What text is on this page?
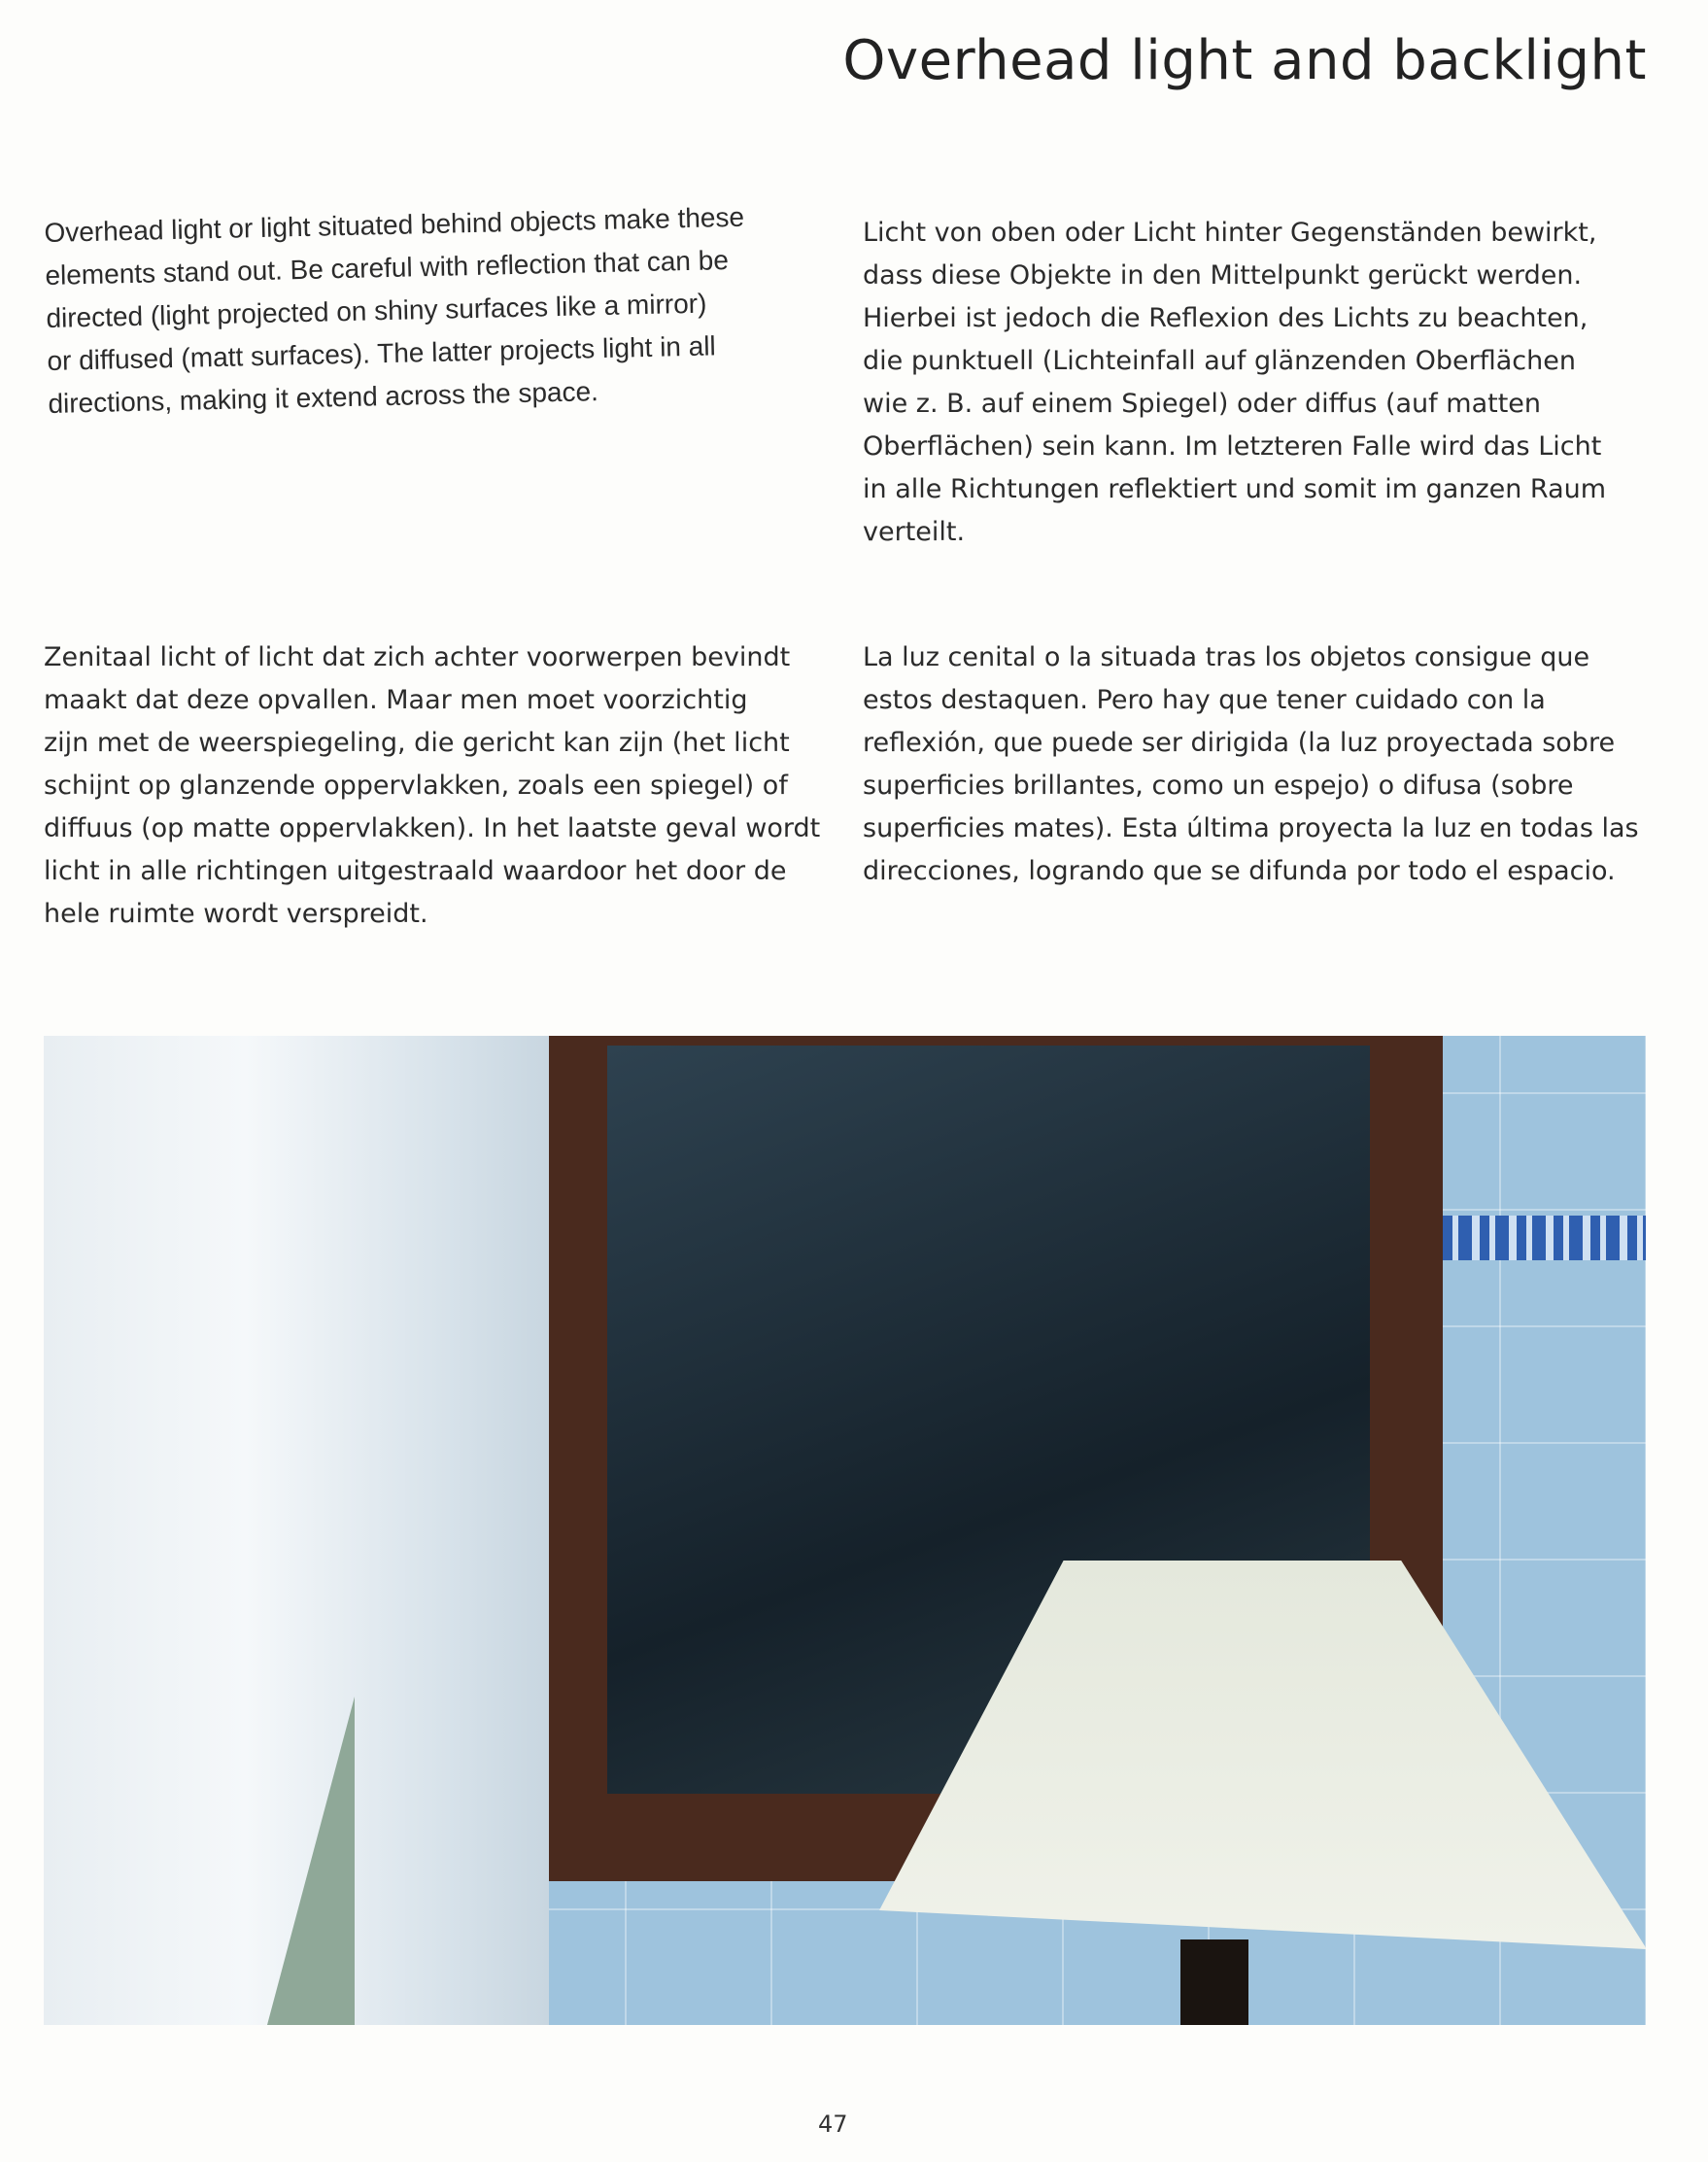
Overhead light and backlight
Overhead light or light situated behind objects make these
elements stand out. Be careful with reflection that can be
directed (light projected on shiny surfaces like a mirror)
or diffused (matt surfaces). The latter projects light in all
directions, making it extend across the space.
Licht von oben oder Licht hinter Gegenständen bewirkt,
dass diese Objekte in den Mittelpunkt gerückt werden.
Hierbei ist jedoch die Reflexion des Lichts zu beachten,
die punktuell (Lichteinfall auf glänzenden Oberflächen
wie z. B. auf einem Spiegel) oder diffus (auf matten
Oberflächen) sein kann. Im letzteren Falle wird das Licht
in alle Richtungen reflektiert und somit im ganzen Raum
verteilt.
Zenitaal licht of licht dat zich achter voorwerpen bevindt
maakt dat deze opvallen. Maar men moet voorzichtig
zijn met de weerspiegeling, die gericht kan zijn (het licht
schijnt op glanzende oppervlakken, zoals een spiegel) of
diffuus (op matte oppervlakken). In het laatste geval wordt
licht in alle richtingen uitgestraald waardoor het door de
hele ruimte wordt verspreidt.
La luz cenital o la situada tras los objetos consigue que
estos destaquen. Pero hay que tener cuidado con la
reflexión, que puede ser dirigida (la luz proyectada sobre
superficies brillantes, como un espejo) o difusa (sobre
superficies mates). Esta última proyecta la luz en todas las
direcciones, logrando que se difunda por todo el espacio.
47
